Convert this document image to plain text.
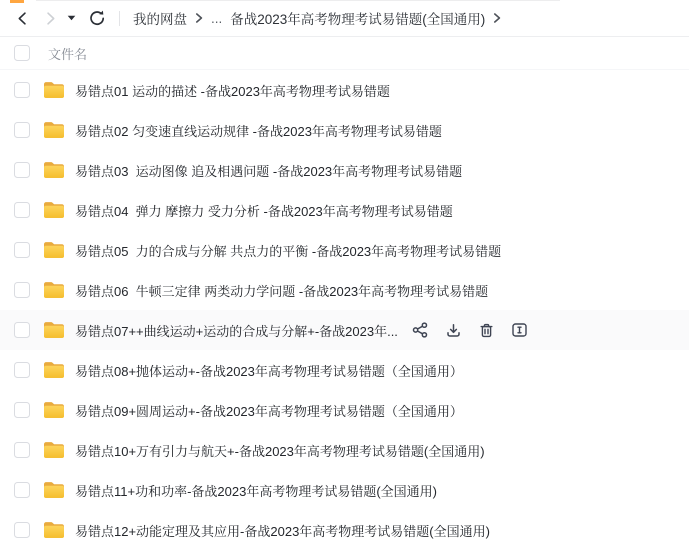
我的网盘 ... 备战2023年高考物理考试易错题(全国通用)
文件名
易错点01 运动的描述 -备战2023年高考物理考试易错题
易错点02 匀变速直线运动规律 -备战2023年高考物理考试易错题
易错点03  运动图像 追及相遇问题 -备战2023年高考物理考试易错题
易错点04  弹力 摩擦力 受力分析 -备战2023年高考物理考试易错题
易错点05  力的合成与分解 共点力的平衡 -备战2023年高考物理考试易错题
易错点06  牛顿三定律 两类动力学问题 -备战2023年高考物理考试易错题
易错点07++曲线运动+运动的合成与分解+-备战2023年...
易错点08+抛体运动+-备战2023年高考物理考试易错题（全国通用）
易错点09+圆周运动+-备战2023年高考物理考试易错题（全国通用）
易错点10+万有引力与航天+-备战2023年高考物理考试易错题(全国通用)
易错点11+功和功率-备战2023年高考物理考试易错题(全国通用)
易错点12+动能定理及其应用-备战2023年高考物理考试易错题(全国通用)
